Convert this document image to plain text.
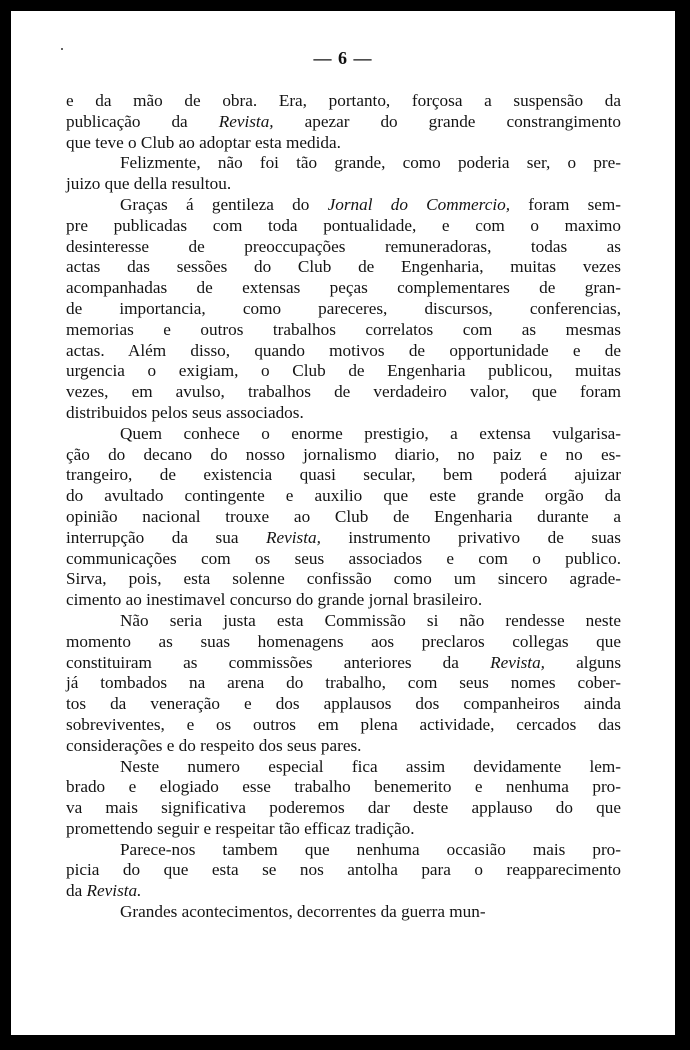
— 6 —

e da mão de obra. Era, portanto, forçosa a suspensão da

publicação da Revista, apezar do grande constrangimento

que teve o Club ao adoptar esta medida.

Felizmente, não foi tão grande, como poderia ser, o pre-

juizo que della resultou.

Graças á gentileza do Jornal do Commercio, foram sem-

pre publicadas com toda pontualidade, e com o maximo

desinteresse de preoccupações remuneradoras, todas as

actas das sessões do Club de Engenharia, muitas vezes

acompanhadas de extensas peças complementares de gran-

de importancia, como pareceres, discursos, conferencias,

memorias e outros trabalhos correlatos com as mesmas

actas. Além disso, quando motivos de opportunidade e de

urgencia o exigiam, o Club de Engenharia publicou, muitas

vezes, em avulso, trabalhos de verdadeiro valor, que foram

distribuidos pelos seus associados.

Quem conhece o enorme prestigio, a extensa vulgarisa-

ção do decano do nosso jornalismo diario, no paiz e no es-

trangeiro, de existencia quasi secular, bem poderá ajuizar

do avultado contingente e auxilio que este grande orgão da

opinião nacional trouxe ao Club de Engenharia durante a

interrupção da sua Revista, instrumento privativo de suas

communicações com os seus associados e com o publico.

Sirva, pois, esta solenne confissão como um sincero agrade-

cimento ao inestimavel concurso do grande jornal brasileiro.

Não seria justa esta Commissão si não rendesse neste

momento as suas homenagens aos preclaros collegas que

constituiram as commissões anteriores da Revista, alguns

já tombados na arena do trabalho, com seus nomes cober-

tos da veneração e dos applausos dos companheiros ainda

sobreviventes, e os outros em plena actividade, cercados das

considerações e do respeito dos seus pares.

Neste numero especial fica assim devidamente lem-

brado e elogiado esse trabalho benemerito e nenhuma pro-

va mais significativa poderemos dar deste applauso do que

promettendo seguir e respeitar tão efficaz tradição.

Parece-nos tambem que nenhuma occasião mais pro-

picia do que esta se nos antolha para o reapparecimento

da Revista.

Grandes acontecimentos, decorrentes da guerra mun-
